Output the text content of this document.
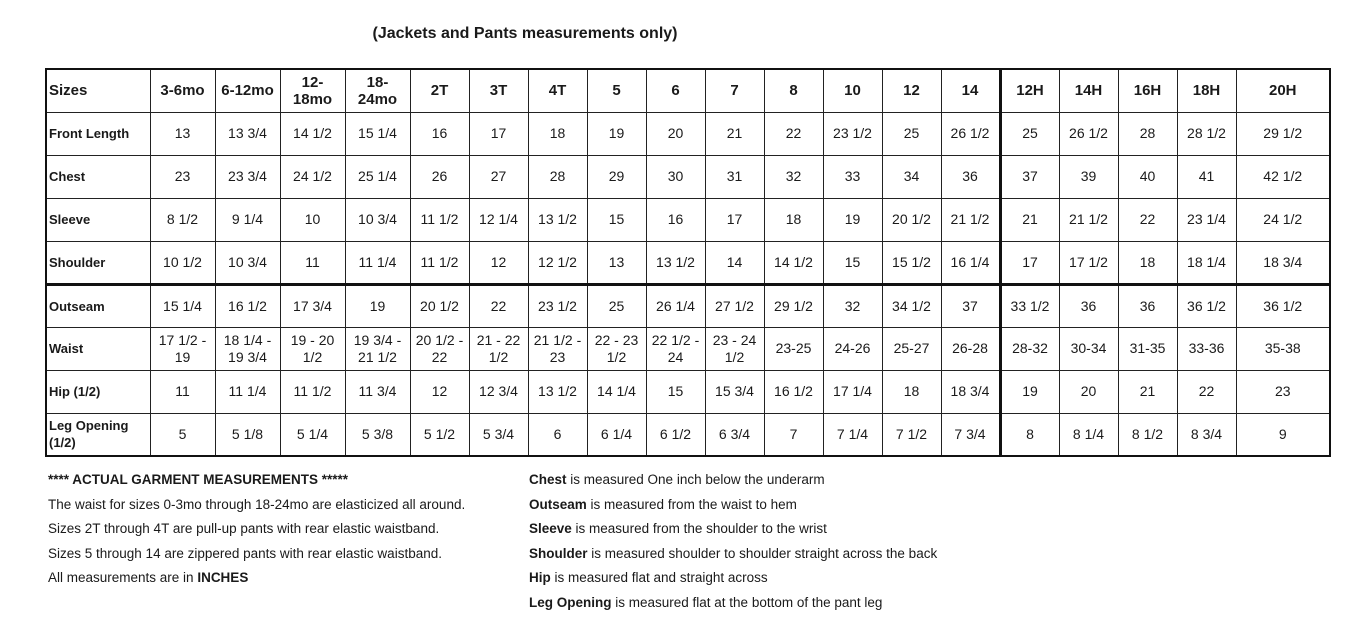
(Jackets and Pants measurements only)
Sizes	3-6mo	6-12mo	12-18mo	18-24mo	2T	3T	4T	5	6	7	8	10	12	14	12H	14H	16H	18H	20H
Front Length	13	13 3/4	14 1/2	15 1/4	16	17	18	19	20	21	22	23 1/2	25	26 1/2	25	26 1/2	28	28 1/2	29 1/2
Chest	23	23 3/4	24 1/2	25 1/4	26	27	28	29	30	31	32	33	34	36	37	39	40	41	42 1/2
Sleeve	8 1/2	9 1/4	10	10 3/4	11 1/2	12 1/4	13 1/2	15	16	17	18	19	20 1/2	21 1/2	21	21 1/2	22	23 1/4	24 1/2
Shoulder	10 1/2	10 3/4	11	11 1/4	11 1/2	12	12 1/2	13	13 1/2	14	14 1/2	15	15 1/2	16 1/4	17	17 1/2	18	18 1/4	18 3/4
Outseam	15 1/4	16 1/2	17 3/4	19	20 1/2	22	23 1/2	25	26 1/4	27 1/2	29 1/2	32	34 1/2	37	33 1/2	36	36	36 1/2	36 1/2
Waist	17 1/2 - 19	18 1/4 - 19 3/4	19 - 20 1/2	19 3/4 - 21 1/2	20 1/2 - 22	21 - 22 1/2	21 1/2 - 23	22 - 23 1/2	22 1/2 - 24	23 - 24 1/2	23-25	24-26	25-27	26-28	28-32	30-34	31-35	33-36	35-38
Hip (1/2)	11	11 1/4	11 1/2	11 3/4	12	12 3/4	13 1/2	14 1/4	15	15 3/4	16 1/2	17 1/4	18	18 3/4	19	20	21	22	23
Leg Opening (1/2)	5	5 1/8	5 1/4	5 3/8	5 1/2	5 3/4	6	6 1/4	6 1/2	6 3/4	7	7 1/4	7 1/2	7 3/4	8	8 1/4	8 1/2	8 3/4	9
**** ACTUAL GARMENT MEASUREMENTS *****
The waist for sizes 0-3mo through 18-24mo are elasticized all around.
Sizes 2T through 4T are pull-up pants with rear elastic waistband.
Sizes 5 through 14 are zippered pants with rear elastic waistband.
All measurements are in INCHES
Chest is measured One inch below the underarm
Outseam is measured from the waist to hem
Sleeve is measured from the shoulder to the wrist
Shoulder is measured shoulder to shoulder straight across the back
Hip is measured flat and straight across
Leg Opening is measured flat at the bottom of the pant leg
